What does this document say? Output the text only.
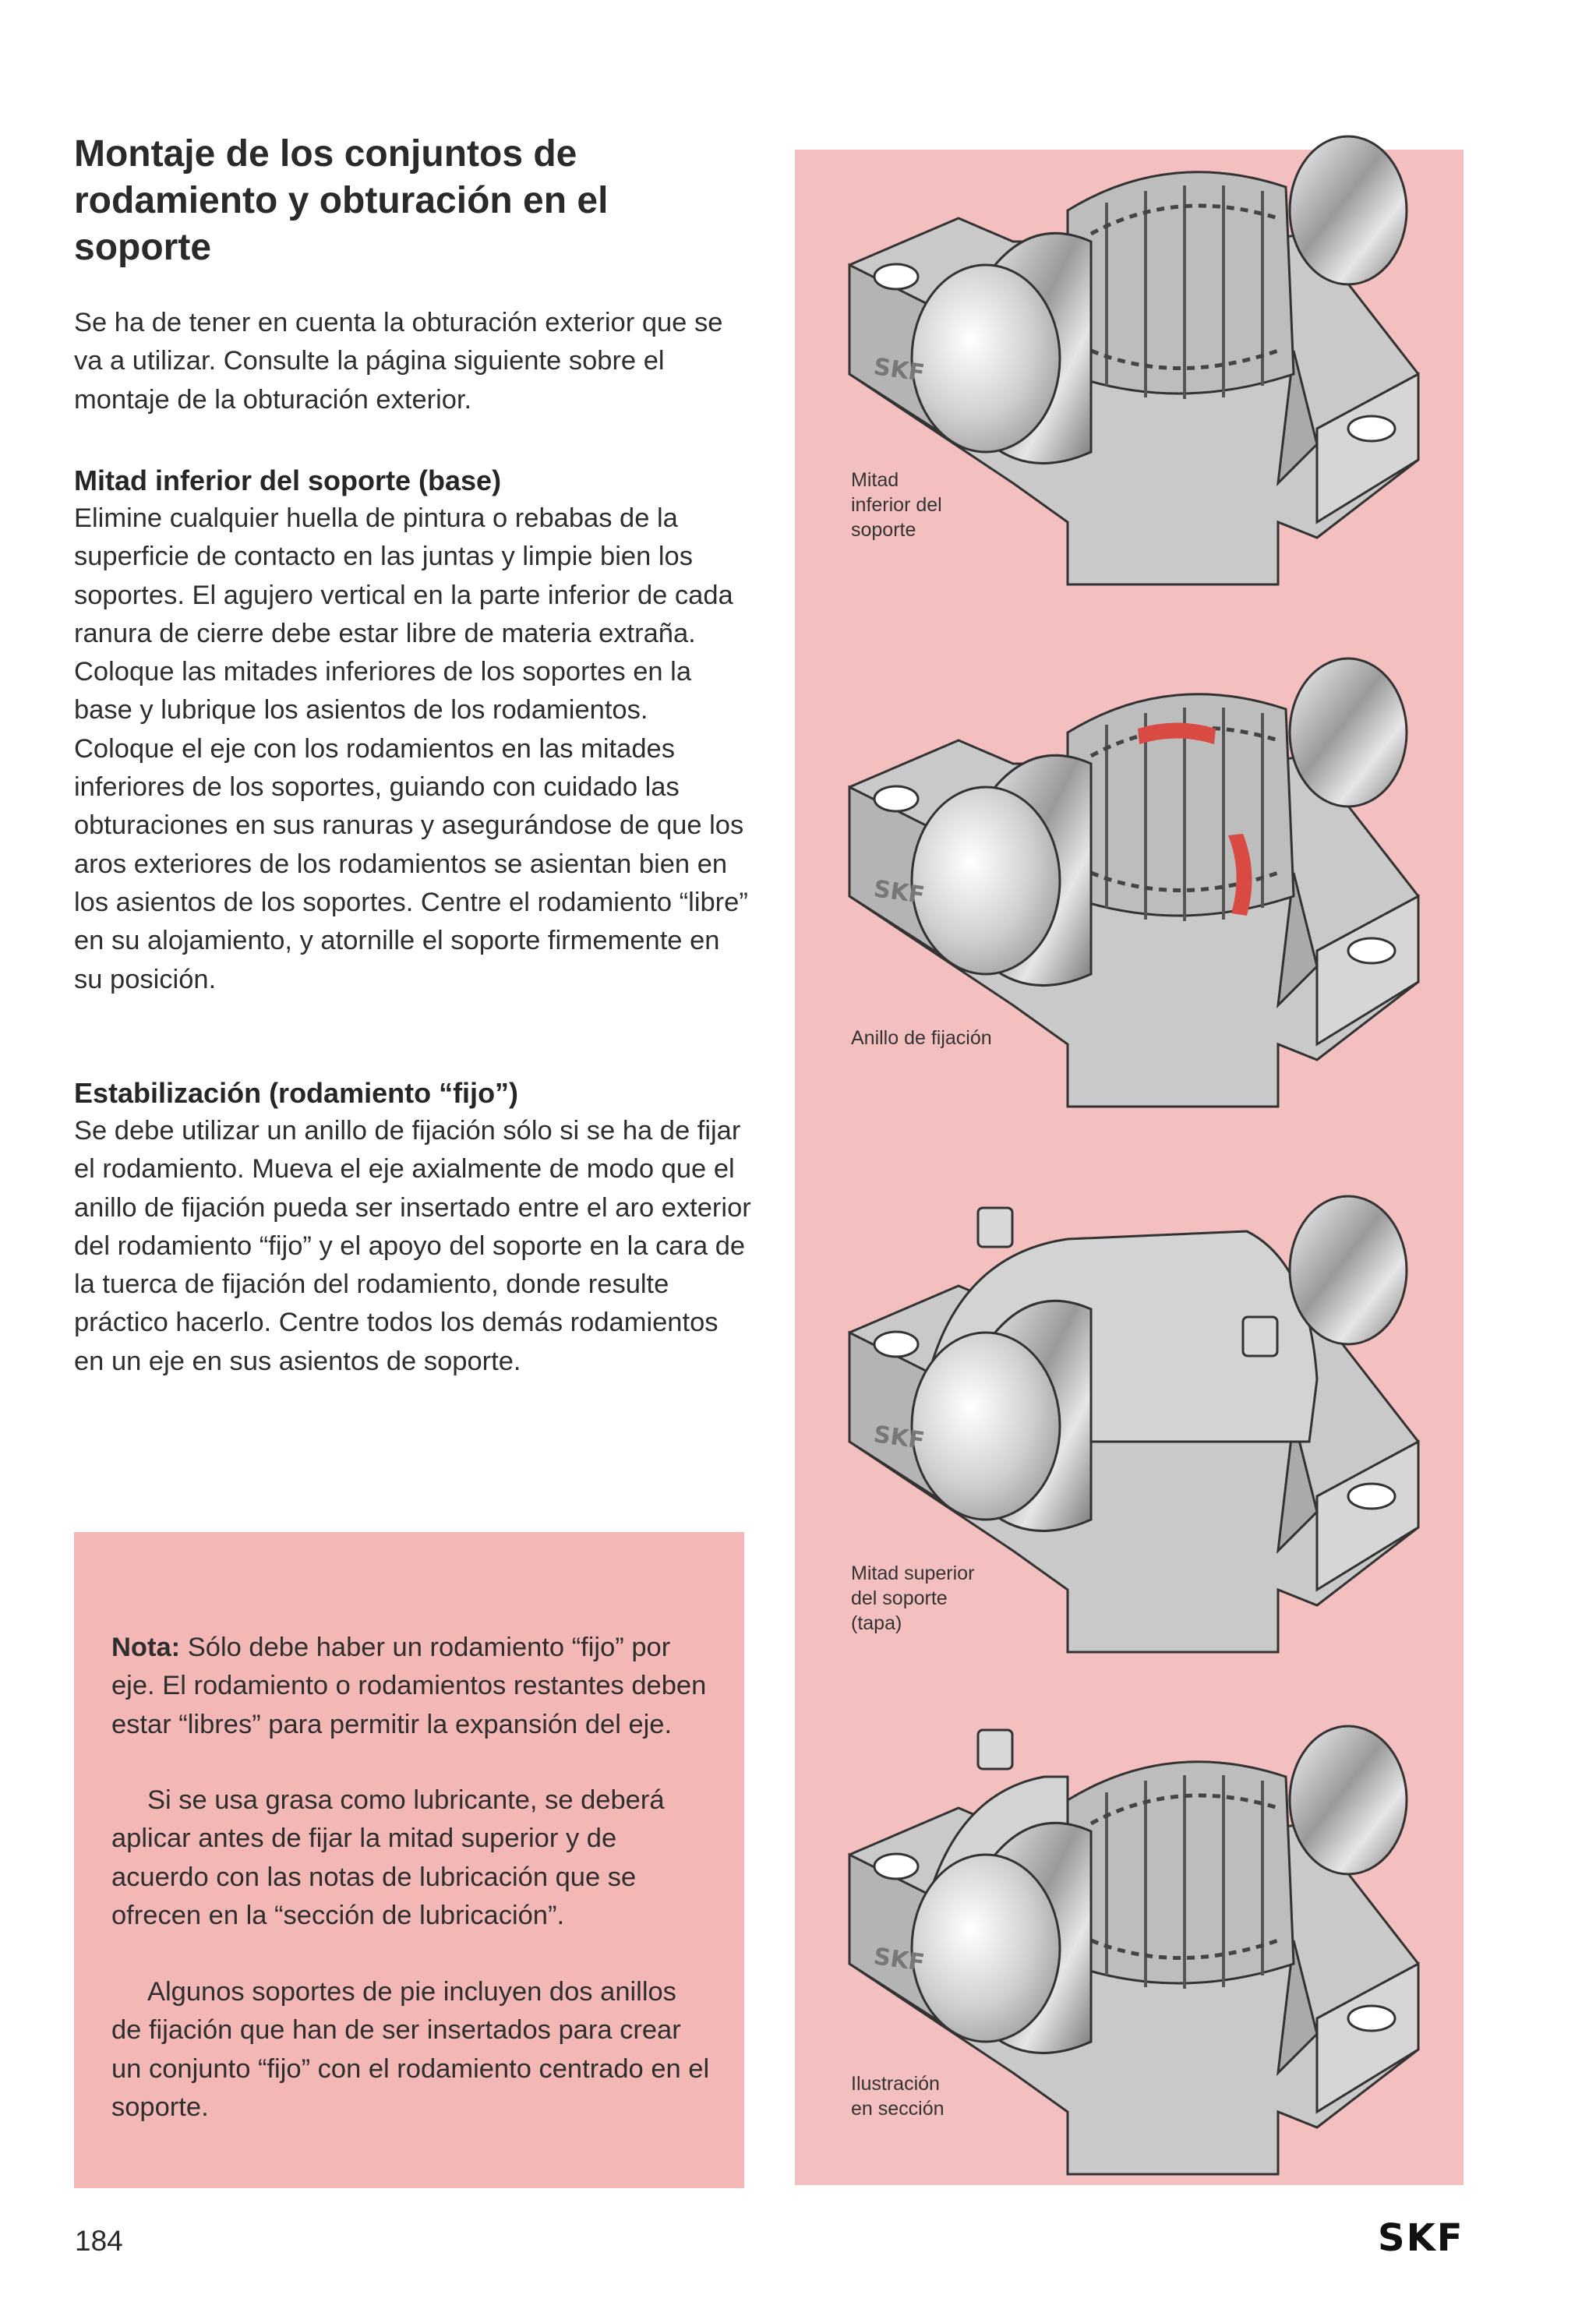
Montaje de los conjuntos de rodamiento y obturación en el soporte

Se ha de tener en cuenta la obturación exterior que se va a utilizar. Consulte la página siguiente sobre el montaje de la obturación exterior.

Mitad inferior del soporte (base)

Elimine cualquier huella de pintura o rebabas de la superficie de contacto en las juntas y limpie bien los soportes. El agujero vertical en la parte inferior de cada ranura de cierre debe estar libre de materia extraña. Coloque las mitades inferiores de los soportes en la base y lubrique los asientos de los rodamientos. Coloque el eje con los rodamientos en las mitades inferiores de los soportes, guiando con cuidado las obturaciones en sus ranuras y asegurándose de que los aros exteriores de los rodamientos se asientan bien en los asientos de los soportes. Centre el rodamiento “libre” en su alojamiento, y atornille el soporte firmemente en su posición.

Estabilización (rodamiento “fijo”)

Se debe utilizar un anillo de fijación sólo si se ha de fijar el rodamiento. Mueva el eje axialmente de modo que el anillo de fijación pueda ser insertado entre el aro exterior del rodamiento “fijo” y el apoyo del soporte en la cara de la tuerca de fijación del rodamiento, donde resulte práctico hacerlo. Centre todos los demás rodamientos en un eje en sus asientos de soporte.

Nota: Sólo debe haber un rodamiento “fijo” por eje. El rodamiento o rodamientos restantes deben estar “libres” para permitir la expansión del eje.

Si se usa grasa como lubricante, se deberá aplicar antes de fijar la mitad superior y de acuerdo con las notas de lubricación que se ofrecen en la “sección de lubricación”.

Algunos soportes de pie incluyen dos anillos de fijación que han de ser insertados para crear un conjunto “fijo” con el rodamiento centrado en el soporte.

SKF
SKF
SKF
SKF

Mitad
inferior del
soporte

Anillo de fijación

Mitad superior
del soporte
(tapa)

Ilustración
en sección

184	SKF
